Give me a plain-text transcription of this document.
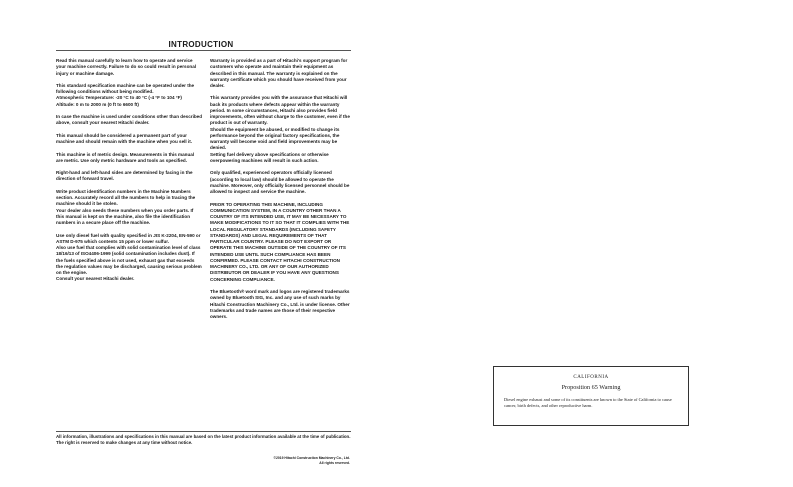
INTRODUCTION

Read this manual carefully to learn how to operate and service your machine correctly. Failure to do so could result in personal injury or machine damage.

This standard specification machine can be operated under the following conditions without being modified.
Atmospheric Temperature: -20 °C to 40 °C (-4 °F to 104 °F)
Altitude: 0 m to 2000 m (0 ft to 6600 ft)

In case the machine is used under conditions other than described above, consult your nearest Hitachi dealer.

This manual should be considered a permanent part of your machine and should remain with the machine when you sell it.

This machine is of metric design. Measurements in this manual are metric. Use only metric hardware and tools as specified.

Right-hand and left-hand sides are determined by facing in the direction of forward travel.

Write product identification numbers in the Machine Numbers section. Accurately record all the numbers to help in tracing the machine should it be stolen.
Your dealer also needs these numbers when you order parts. If this manual is kept on the machine, also file the identification numbers in a secure place off the machine.

Use only diesel fuel with quality specified in JIS K-2204, EN-590 or ASTM D-975 which contents 15 ppm or lower sulfur.
Also use fuel that complies with solid contamination level of class 18/16/13 of ISO4406-1999 (solid contamination includes dust). If the fuels specified above is not used, exhaust gas that exceeds the regulation values may be discharged, causing serious problem on the engine.
Consult your nearest Hitachi dealer.

Warranty is provided as a part of Hitachi's support program for customers who operate and maintain their equipment as described in this manual. The warranty is explained on the warranty certificate which you should have received from your dealer.

This warranty provides you with the assurance that Hitachi will back its products where defects appear within the warranty period. In some circumstances, Hitachi also provides field improvements, often without charge to the customer, even if the product is out of warranty.
Should the equipment be abused, or modified to change its performance beyond the original factory specifications, the warranty will become void and field improvements may be denied.
Setting fuel delivery above specifications or otherwise overpowering machines will result in such action.

Only qualified, experienced operators officially licensed (according to local law) should be allowed to operate the machine. Moreover, only officially licensed personnel should be allowed to inspect and service the machine.

PRIOR TO OPERATING THIS MACHINE, INCLUDING COMMUNICATION SYSTEM, IN A COUNTRY OTHER THAN A COUNTRY OF ITS INTENDED USE, IT MAY BE NECESSARY TO MAKE MODIFICATIONS TO IT SO THAT IT COMPLIES WITH THE LOCAL REGULATORY STANDARDS (INCLUDING SAFETY STANDARDS) AND LEGAL REQUIREMENTS OF THAT PARTICULAR COUNTRY. PLEASE DO NOT EXPORT OR OPERATE THIS MACHINE OUTSIDE OF THE COUNTRY OF ITS INTENDED USE UNTIL SUCH COMPLIANCE HAS BEEN CONFIRMED. PLEASE CONTACT HITACHI CONSTRUCTION MACHINERY CO., LTD. OR ANY OF OUR AUTHORIZED DISTRIBUTOR OR DEALER IF YOU HAVE ANY QUESTIONS CONCERNING COMPLIANCE.

The Bluetooth® word mark and logos are registered trademarks owned by Bluetooth SIG, Inc. and any use of such marks by Hitachi Construction Machinery Co., Ltd. is under license. Other trademarks and trade names are those of their respective owners.

All information, illustrations and specifications in this manual are based on the latest product information available at the time of publication. The right is reserved to make changes at any time without notice.
©2019 Hitachi Construction Machinery Co., Ltd.
All rights reserved.
CALIFORNIA
Proposition 65 Warning
Diesel engine exhaust and some of its constituents are known to the State of California to cause cancer, birth defects, and other reproductive harm.
